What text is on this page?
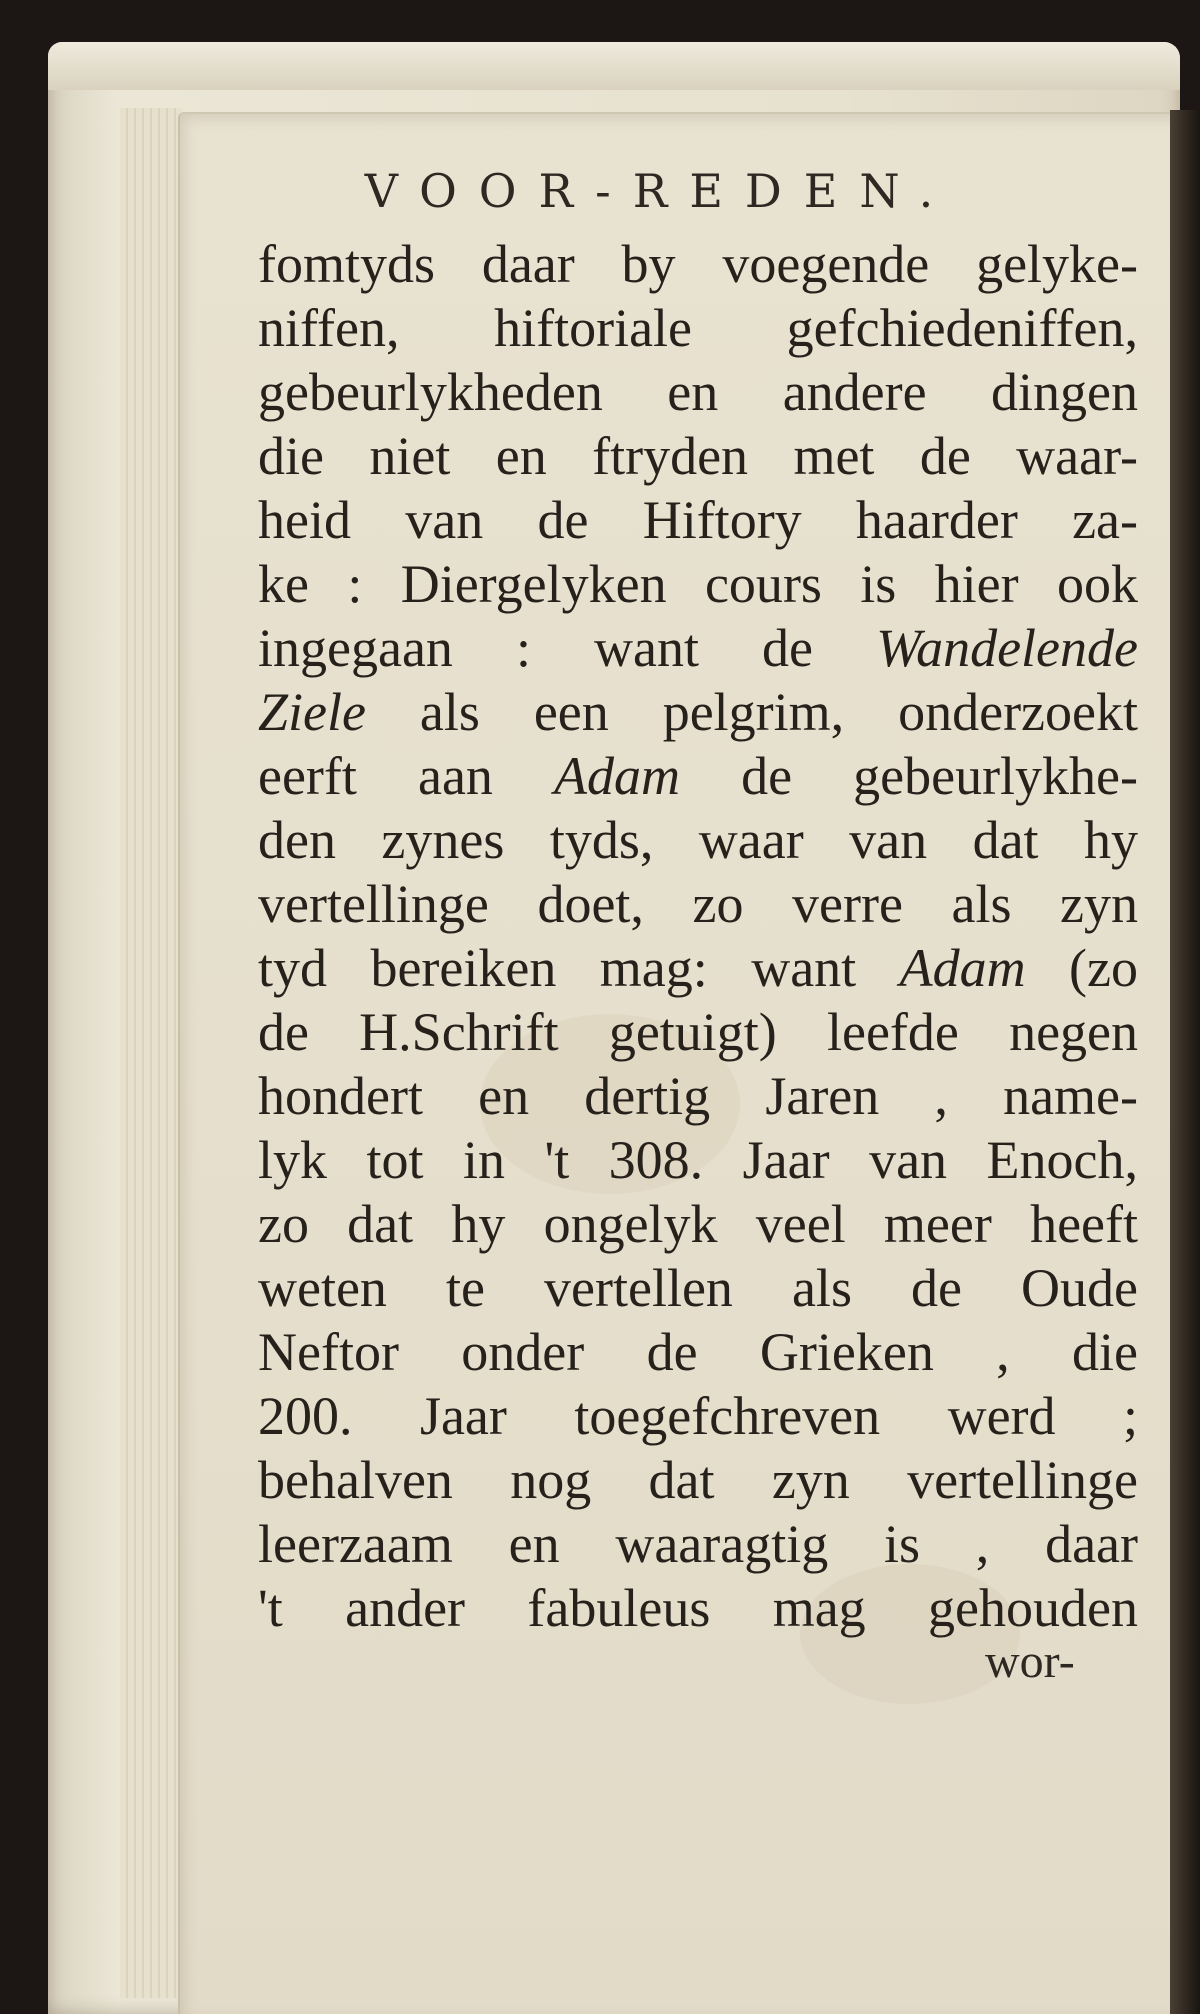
VOOR-REDEN.
fomtyds daar by voegende gelyke-
niffen, hiftoriale gefchiedeniffen,
gebeurlykheden en andere dingen
die niet en ftryden met de waar-
heid van de Hiftory haarder za-
ke : Diergelyken cours is hier ook
ingegaan : want de Wandelende
Ziele als een pelgrim, onderzoekt
eerft aan Adam de gebeurlykhe-
den zynes tyds, waar van dat hy
vertellinge doet, zo verre als zyn
tyd bereiken mag: want Adam (zo
de H.Schrift getuigt) leefde negen
hondert en dertig Jaren , name-
lyk tot in 't 308. Jaar van Enoch,
zo dat hy ongelyk veel meer heeft
weten te vertellen als de Oude
Neftor onder de Grieken , die
200. Jaar toegefchreven werd ;
behalven nog dat zyn vertellinge
leerzaam en waaragtig is , daar
't ander fabuleus mag gehouden
wor-
